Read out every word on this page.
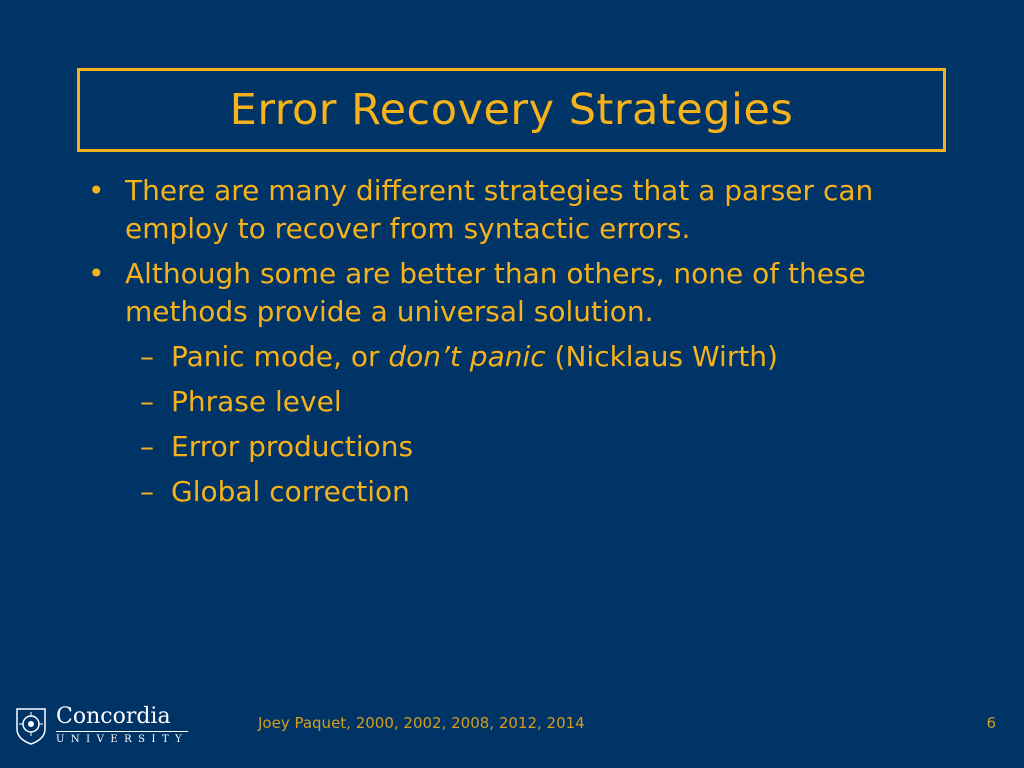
Error Recovery Strategies
• There are many different strategies that a parser can employ to recover from syntactic errors.
• Although some are better than others, none of these methods provide a universal solution.
– Panic mode, or don’t panic (Nicklaus Wirth)
– Phrase level
– Error productions
– Global correction
Concordia
UNIVERSITY
Joey Paquet, 2000, 2002, 2008, 2012, 2014	6
